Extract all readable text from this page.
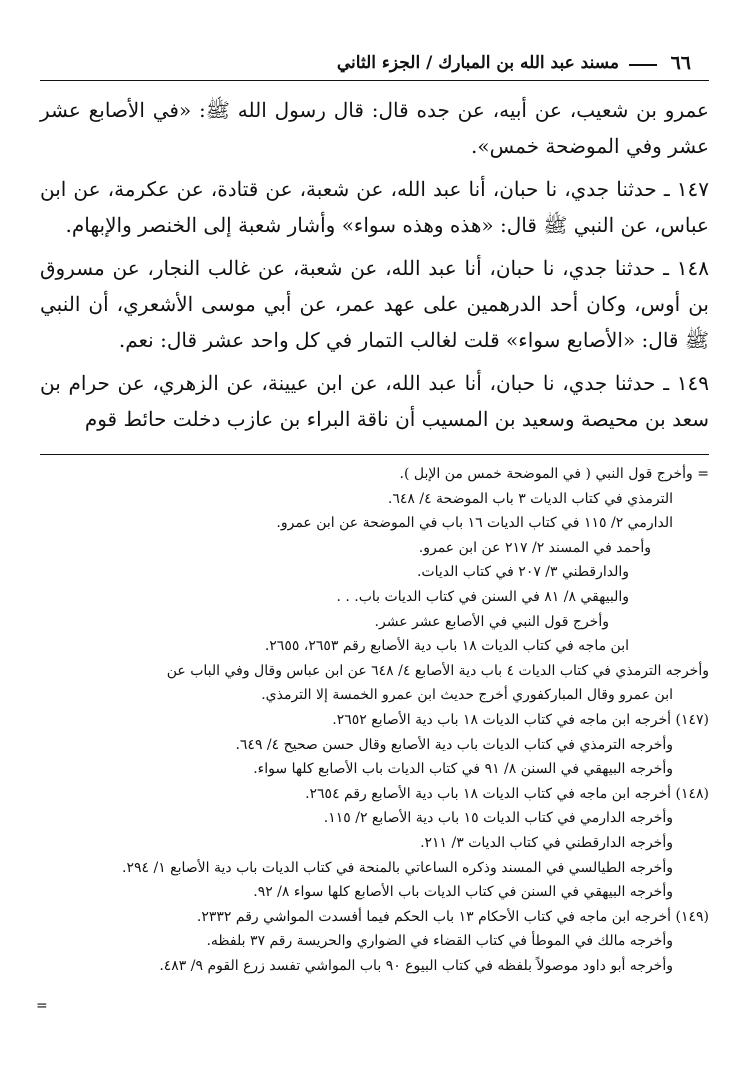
٦٦
مسند عبد الله بن المبارك / الجزء الثاني

عمرو بن شعيب، عن أبيه، عن جده قال: قال رسول الله ﷺ: «في الأصابع عشر عشر وفي الموضحة خمس».

١٤٧ ـ حدثنا جدي، نا حبان، أنا عبد الله، عن شعبة، عن قتادة، عن عكرمة، عن ابن عباس، عن النبي ﷺ قال: «هذه وهذه سواء» وأشار شعبة إلى الخنصر والإبهام.

١٤٨ ـ حدثنا جدي، نا حبان، أنا عبد الله، عن شعبة، عن غالب النجار، عن مسروق بن أوس، وكان أحد الدرهمين على عهد عمر، عن أبي موسى الأشعري، أن النبي ﷺ قال: «الأصابع سواء» قلت لغالب التمار في كل واحد عشر قال: نعم.

١٤٩ ـ حدثنا جدي، نا حبان، أنا عبد الله، عن ابن عيينة، عن الزهري، عن حرام بن سعد بن محيصة وسعيد بن المسيب أن ناقة البراء بن عازب دخلت حائط قوم

= وأخرج قول النبي ( في الموضحة خمس من الإبل ).
الترمذي في كتاب الديات ٣ باب الموضحة ٤/ ٦٤٨.
الدارمي ٢/ ١١٥ في كتاب الديات ١٦ باب في الموضحة عن ابن عمرو.
وأحمد في المسند ٢/ ٢١٧ عن ابن عمرو.
والدارقطني ٣/ ٢٠٧ في كتاب الديات.
والبيهقي ٨/ ٨١ في السنن في كتاب الديات باب. . .
وأخرج قول النبي في الأصابع عشر عشر.
ابن ماجه في كتاب الديات ١٨ باب دية الأصابع رقم ٢٦٥٣، ٢٦٥٥.
وأخرجه الترمذي في كتاب الديات ٤ باب دية الأصابع ٤/ ٦٤٨ عن ابن عباس وقال وفي الباب عن
ابن عمرو وقال المباركفوري أخرج حديث ابن عمرو الخمسة إلا الترمذي.
(١٤٧) أخرجه ابن ماجه في كتاب الديات ١٨ باب دية الأصابع ٢٦٥٢.
وأخرجه الترمذي في كتاب الديات باب دية الأصابع وقال حسن صحيح ٤/ ٦٤٩.
وأخرجه البيهقي في السنن ٨/ ٩١ في كتاب الديات باب الأصابع كلها سواء.
(١٤٨) أخرجه ابن ماجه في كتاب الديات ١٨ باب دية الأصابع رقم ٢٦٥٤.
وأخرجه الدارمي في كتاب الديات ١٥ باب دية الأصابع ٢/ ١١٥.
وأخرجه الدارقطني في كتاب الديات ٣/ ٢١١.
وأخرجه الطيالسي في المسند وذكره الساعاتي بالمنحة في كتاب الديات باب دية الأصابع ١/ ٢٩٤.
وأخرجه البيهقي في السنن في كتاب الديات باب الأصابع كلها سواء ٨/ ٩٢.
(١٤٩) أخرجه ابن ماجه في كتاب الأحكام ١٣ باب الحكم فيما أفسدت المواشي رقم ٢٣٣٢.
وأخرجه مالك في الموطأ في كتاب القضاء في الضواري والحريسة رقم ٣٧ بلفظه.
وأخرجه أبو داود موصولاً بلفظه في كتاب البيوع ٩٠ باب المواشي تفسد زرع القوم ٩/ ٤٨٣.
=
